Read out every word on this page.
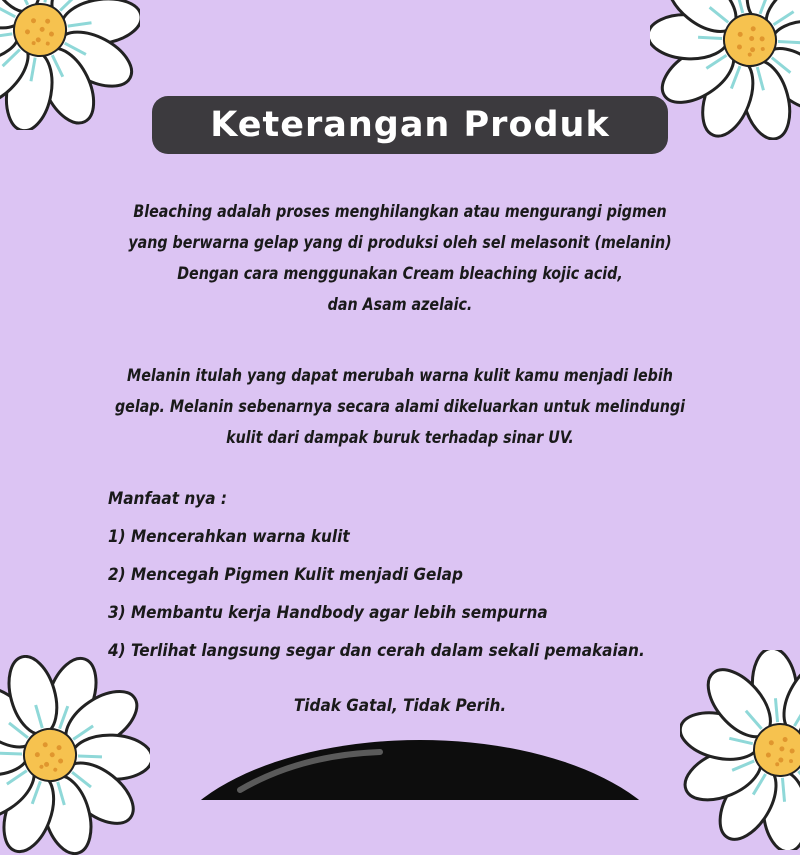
Keterangan Produk
Bleaching adalah proses menghilangkan atau mengurangi pigmen
yang berwarna gelap yang di produksi oleh sel melasonit (melanin)
Dengan cara menggunakan Cream bleaching kojic acid,
dan Asam azelaic.
Melanin itulah yang dapat merubah warna kulit kamu menjadi lebih
gelap. Melanin sebenarnya secara alami dikeluarkan untuk melindungi
kulit dari dampak buruk terhadap sinar UV.
Manfaat nya :
1) Mencerahkan warna kulit
2) Mencegah Pigmen Kulit menjadi Gelap
3) Membantu kerja Handbody agar lebih sempurna
4) Terlihat langsung segar dan cerah dalam sekali pemakaian.
Tidak Gatal, Tidak Perih.
